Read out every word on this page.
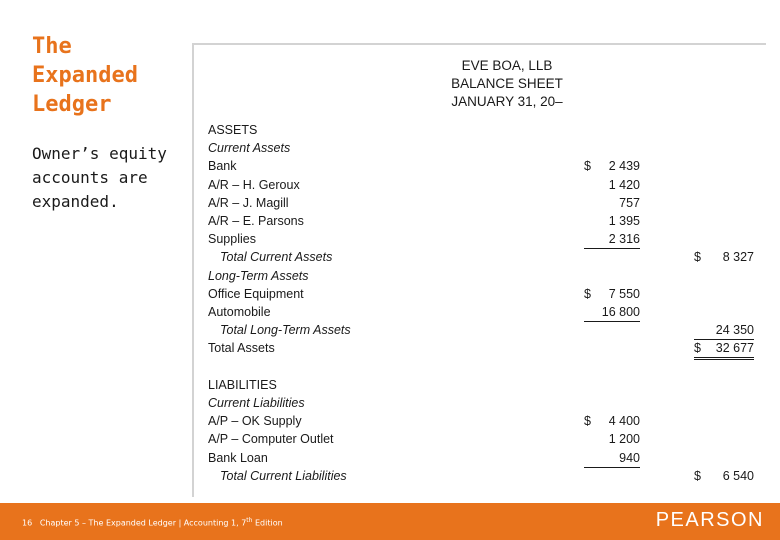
The
Expanded
Ledger
Owner’s equity
accounts are
expanded.
EVE BOA, LLB
BALANCE SHEET
JANUARY 31, 20–
ASSETS
Current Assets
Bank	$ 2 439
A/R – H. Geroux	1 420
A/R – J. Magill	757
A/R – E. Parsons	1 395
Supplies	2 316
Total Current Assets	$ 8 327
Long-Term Assets
Office Equipment	$ 7 550
Automobile	16 800
Total Long-Term Assets	24 350
Total Assets	$ 32 677
LIABILITIES
Current Liabilities
A/P – OK Supply	$ 4 400
A/P – Computer Outlet	1 200
Bank Loan	940
Total Current Liabilities	$ 6 540
16 Chapter 5 – The Expanded Ledger | Accounting 1, 7th Edition	PEARSON
